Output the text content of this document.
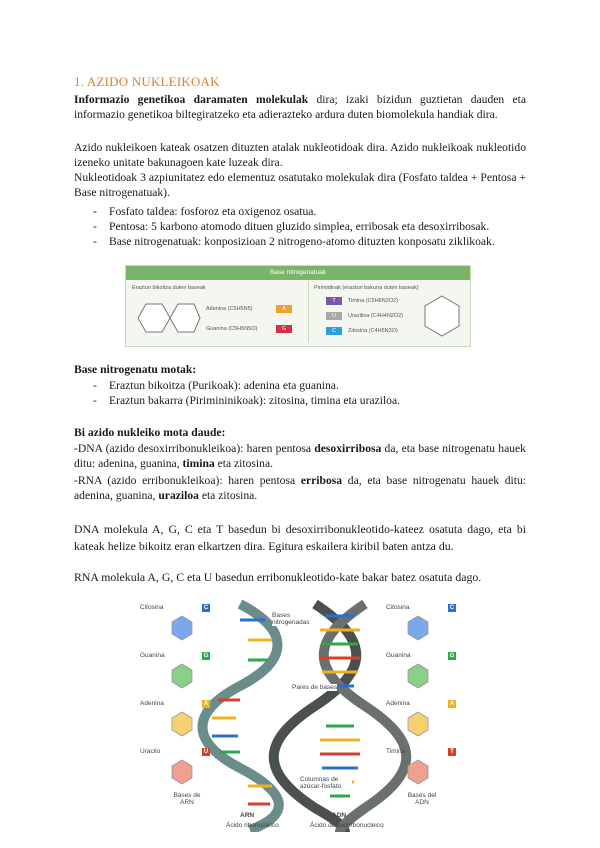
1. AZIDO NUKLEIKOAK
Informazio genetikoa daramaten molekulak dira; izaki bizidun guztietan dauden eta informazio genetikoa biltegiratzeko eta adierazteko ardura duten biomolekula handiak dira.
Azido nukleikoen kateak osatzen dituzten atalak nukleotidoak dira. Azido nukleikoak nukleotido izeneko unitate bakunagoen kate luzeak dira.
Nukleotidoak 3 azpiunitatez edo elementuz osatutako molekulak dira (Fosfato taldea + Pentosa + Base nitrogenatuak).
- Fosfato taldea: fosforoz eta oxigenoz osatua.
- Pentosa: 5 karbono atomodo dituen gluzido simplea, erribosak eta desoxirribosak.
- Base nitrogenatuak: konposizioan 2 nitrogeno-atomo dituzten konposatu ziklikoak.
Base nitrogenatuak
Eraztun bikoitza duten baseak	Pirimidinak (eraztun bakuna duten baseak)
Adenina (C5H5N5)	A
Guanina (C5H5N5O)	G
T	Timina (C5H6N2O2)
U	Urazilioa (C4H4N2O2)
C	Zitosina (C4H5N3O)
Base nitrogenatu motak:
- Eraztun bikoitza (Purikoak): adenina eta guanina.
- Eraztun bakarra (Pirimininikoak): zitosina, timina eta uraziloa.
Bi azido nukleiko mota daude:
-DNA (azido desoxirribonukleikoa): haren pentosa desoxirribosa da, eta base nitrogenatu hauek ditu: adenina, guanina, timina eta zitosina.
-RNA (azido erribonukleikoa): haren pentosa erribosa da, eta base nitrogenatu hauek ditu: adenina, guanina, uraziloa eta zitosina.
DNA molekula A, G, C eta T basedun bi desoxirribonukleotido-kateez osatuta dago, eta bi kateak helize bikoitz eran elkartzen dira. Egitura eskailera kiribil baten antza du.
RNA molekula A, G, C eta U basedun erribonukleotido-kate bakar batez osatuta dago.
Citosina	C
Guanina	G
Adenina	A
Uracilo	U
Bases de ARN
Citosina	C
Guanina	G
Adenina	A
Timina	T
Bases del ADN
Bases nitrogenadas
Pares de bases
Columnas de azúcar-fosfato
ARN
Ácido ribonucleico
ADN
Ácido desoxirribonucleico
